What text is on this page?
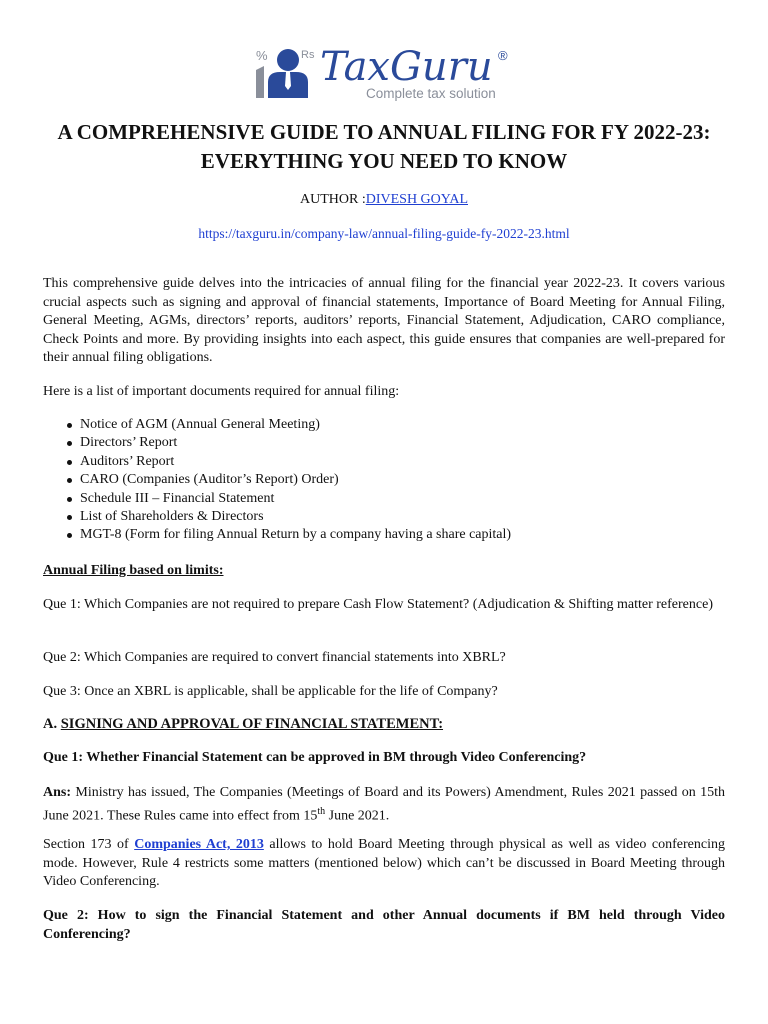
%	Rs TaxGuru ®
Complete tax solution
A COMPREHENSIVE GUIDE TO ANNUAL FILING FOR FY 2022-23: EVERYTHING YOU NEED TO KNOW
AUTHOR :DIVESH GOYAL
https://taxguru.in/company-law/annual-filing-guide-fy-2022-23.html

This comprehensive guide delves into the intricacies of annual filing for the financial year 2022-23. It covers various crucial aspects such as signing and approval of financial statements, Importance of Board Meeting for Annual Filing, General Meeting, AGMs, directors’ reports, auditors’ reports, Financial Statement, Adjudication, CARO compliance, Check Points and more. By providing insights into each aspect, this guide ensures that companies are well-prepared for their annual filing obligations.

Here is a list of important documents required for annual filing:

Notice of AGM (Annual General Meeting)
Directors’ Report
Auditors’ Report
CARO (Companies (Auditor’s Report) Order)
Schedule III – Financial Statement
List of Shareholders & Directors
MGT-8 (Form for filing Annual Return by a company having a share capital)

Annual Filing based on limits:

Que 1: Which Companies are not required to prepare Cash Flow Statement? (Adjudication & Shifting matter reference)

Que 2: Which Companies are required to convert financial statements into XBRL?

Que 3: Once an XBRL is applicable, shall be applicable for the life of Company?

A. SIGNING AND APPROVAL OF FINANCIAL STATEMENT:

Que 1: Whether Financial Statement can be approved in BM through Video Conferencing?

Ans: Ministry has issued, The Companies (Meetings of Board and its Powers) Amendment, Rules 2021 passed on 15th June 2021. These Rules came into effect from 15th June 2021.

Section 173 of Companies Act, 2013 allows to hold Board Meeting through physical as well as video conferencing mode. However, Rule 4 restricts some matters (mentioned below) which can’t be discussed in Board Meeting through Video Conferencing.

Que 2: How to sign the Financial Statement and other Annual documents if BM held through Video Conferencing?
